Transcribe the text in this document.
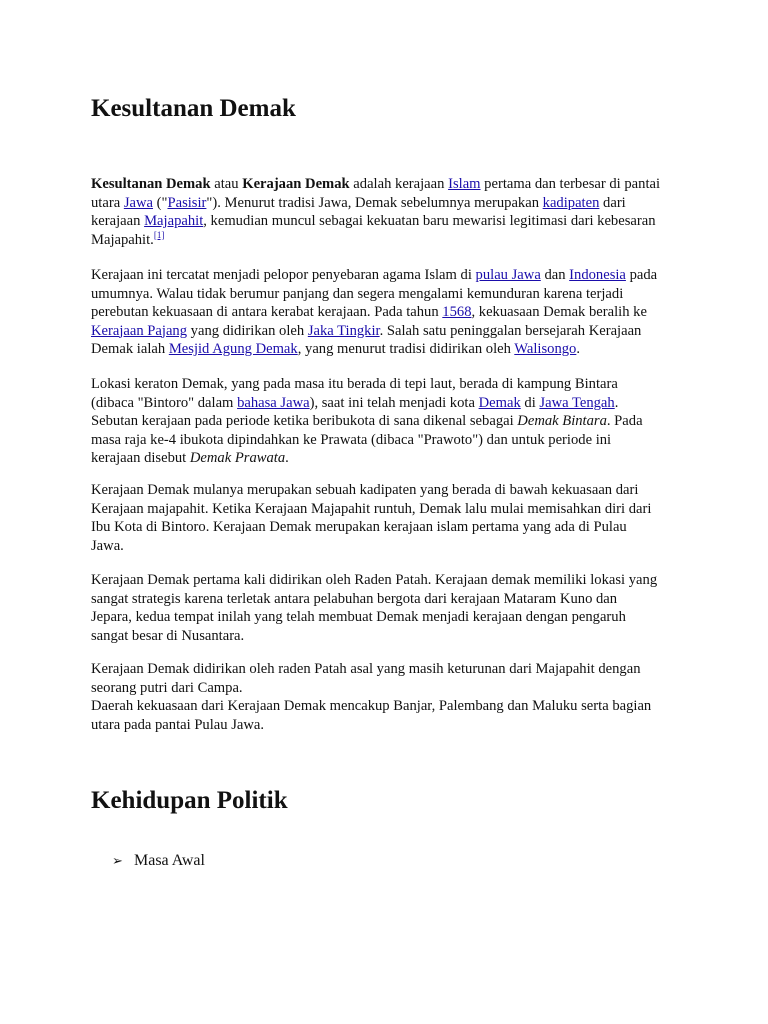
Kesultanan Demak
Kesultanan Demak atau Kerajaan Demak adalah kerajaan Islam pertama dan terbesar di pantai
utara Jawa ("Pasisir"). Menurut tradisi Jawa, Demak sebelumnya merupakan kadipaten dari
kerajaan Majapahit, kemudian muncul sebagai kekuatan baru mewarisi legitimasi dari kebesaran
Majapahit.[1]
Kerajaan ini tercatat menjadi pelopor penyebaran agama Islam di pulau Jawa dan Indonesia pada
umumnya. Walau tidak berumur panjang dan segera mengalami kemunduran karena terjadi
perebutan kekuasaan di antara kerabat kerajaan. Pada tahun 1568, kekuasaan Demak beralih ke
Kerajaan Pajang yang didirikan oleh Jaka Tingkir. Salah satu peninggalan bersejarah Kerajaan
Demak ialah Mesjid Agung Demak, yang menurut tradisi didirikan oleh Walisongo.
Lokasi keraton Demak, yang pada masa itu berada di tepi laut, berada di kampung Bintara
(dibaca "Bintoro" dalam bahasa Jawa), saat ini telah menjadi kota Demak di Jawa Tengah.
Sebutan kerajaan pada periode ketika beribukota di sana dikenal sebagai Demak Bintara. Pada
masa raja ke-4 ibukota dipindahkan ke Prawata (dibaca "Prawoto") dan untuk periode ini
kerajaan disebut Demak Prawata.
Kerajaan Demak mulanya merupakan sebuah kadipaten yang berada di bawah kekuasaan dari
Kerajaan majapahit. Ketika Kerajaan Majapahit runtuh, Demak lalu mulai memisahkan diri dari
Ibu Kota di Bintoro. Kerajaan Demak merupakan kerajaan islam pertama yang ada di Pulau
Jawa.
Kerajaan Demak pertama kali didirikan oleh Raden Patah. Kerajaan demak memiliki lokasi yang
sangat strategis karena terletak antara pelabuhan bergota dari kerajaan Mataram Kuno dan
Jepara, kedua tempat inilah yang telah membuat Demak menjadi kerajaan dengan pengaruh
sangat besar di Nusantara.
Kerajaan Demak didirikan oleh raden Patah asal yang masih keturunan dari Majapahit dengan
seorang putri dari Campa.
Daerah kekuasaan dari Kerajaan Demak mencakup Banjar, Palembang dan Maluku serta bagian
utara pada pantai Pulau Jawa.
Kehidupan Politik
➢ Masa Awal
